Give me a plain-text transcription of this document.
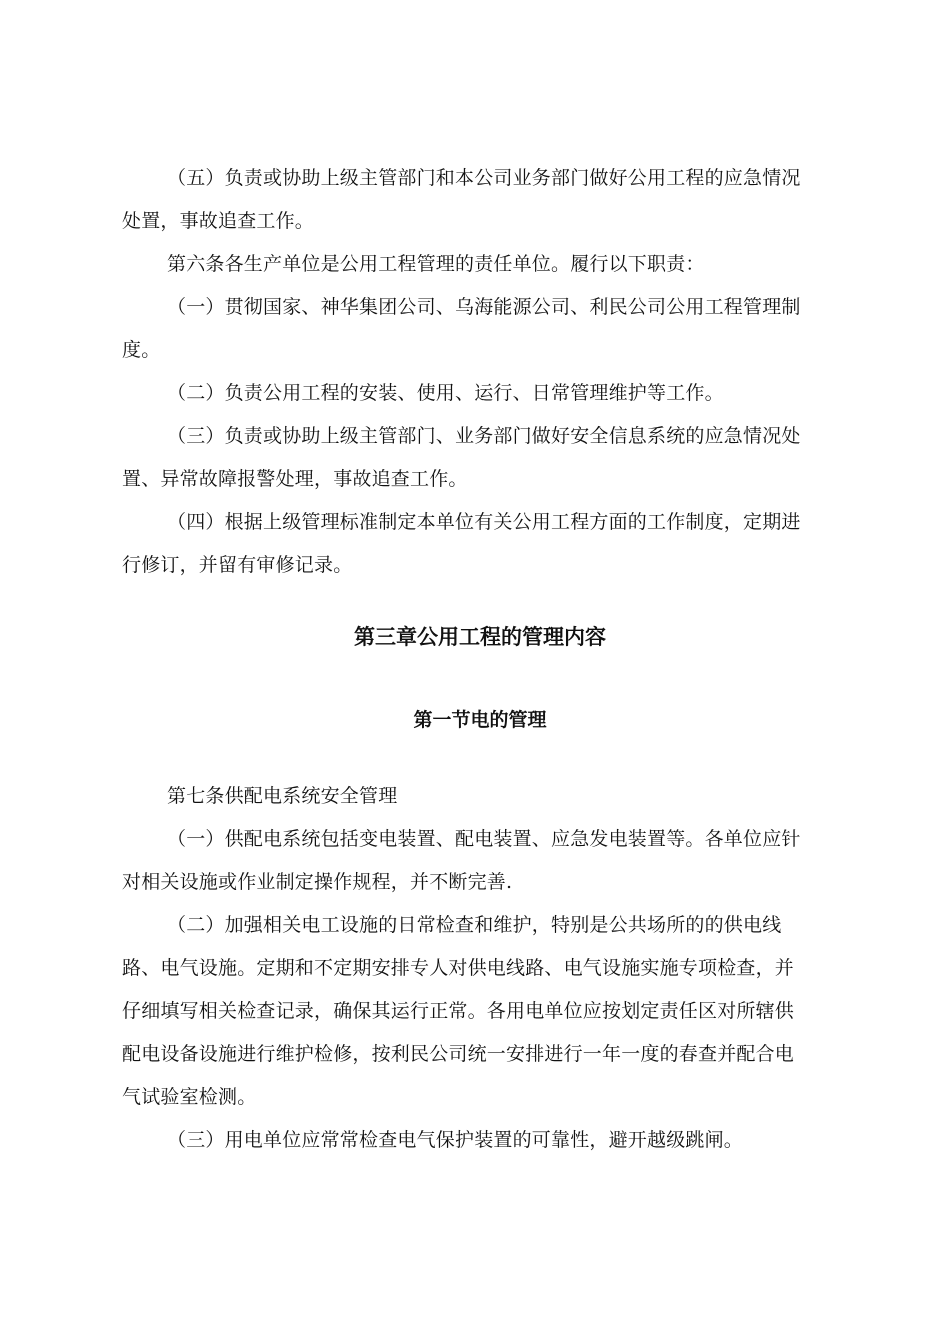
（五）负责或协助上级主管部门和本公司业务部门做好公用工程的应急情况
处置，事故追查工作。

第六条各生产单位是公用工程管理的责任单位。履行以下职责：

（一）贯彻国家、神华集团公司、乌海能源公司、利民公司公用工程管理制
度。

（二）负责公用工程的安装、使用、运行、日常管理维护等工作。

（三）负责或协助上级主管部门、业务部门做好安全信息系统的应急情况处
置、异常故障报警处理，事故追查工作。

（四）根据上级管理标准制定本单位有关公用工程方面的工作制度，定期进
行修订，并留有审修记录。

第三章公用工程的管理内容
第一节电的管理

第七条供配电系统安全管理

（一）供配电系统包括变电装置、配电装置、应急发电装置等。各单位应针
对相关设施或作业制定操作规程，并不断完善.

（二）加强相关电工设施的日常检查和维护，特别是公共场所的的供电线
路、电气设施。定期和不定期安排专人对供电线路、电气设施实施专项检查，并
仔细填写相关检查记录，确保其运行正常。各用电单位应按划定责任区对所辖供
配电设备设施进行维护检修，按利民公司统一安排进行一年一度的春查并配合电
气试验室检测。

（三）用电单位应常常检查电气保护装置的可靠性，避开越级跳闸。
